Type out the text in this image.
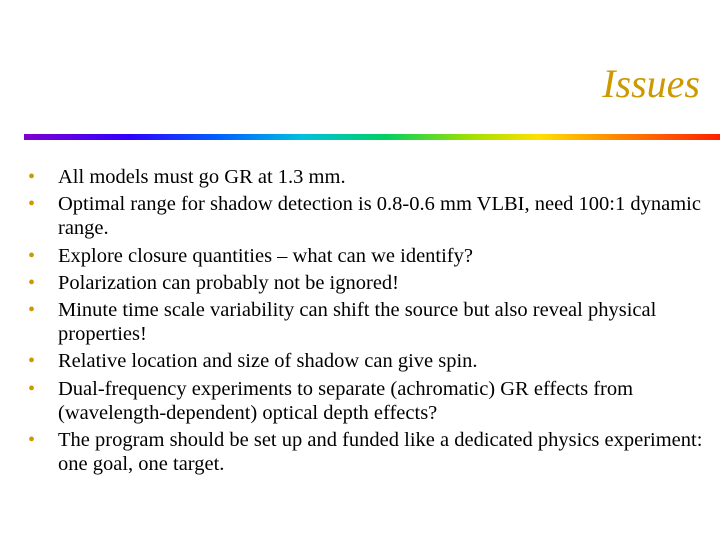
Issues
• All models must go GR at 1.3 mm.
• Optimal range for shadow detection is 0.8-0.6 mm VLBI, need 100:1 dynamic range.
• Explore closure quantities – what can we identify?
• Polarization can probably not be ignored!
• Minute time scale variability can shift the source but also reveal physical properties!
• Relative location and size of shadow can give spin.
• Dual-frequency experiments to separate (achromatic) GR effects from (wavelength-dependent) optical depth effects?
• The program should be set up and funded like a dedicated physics experiment: one goal, one target.
